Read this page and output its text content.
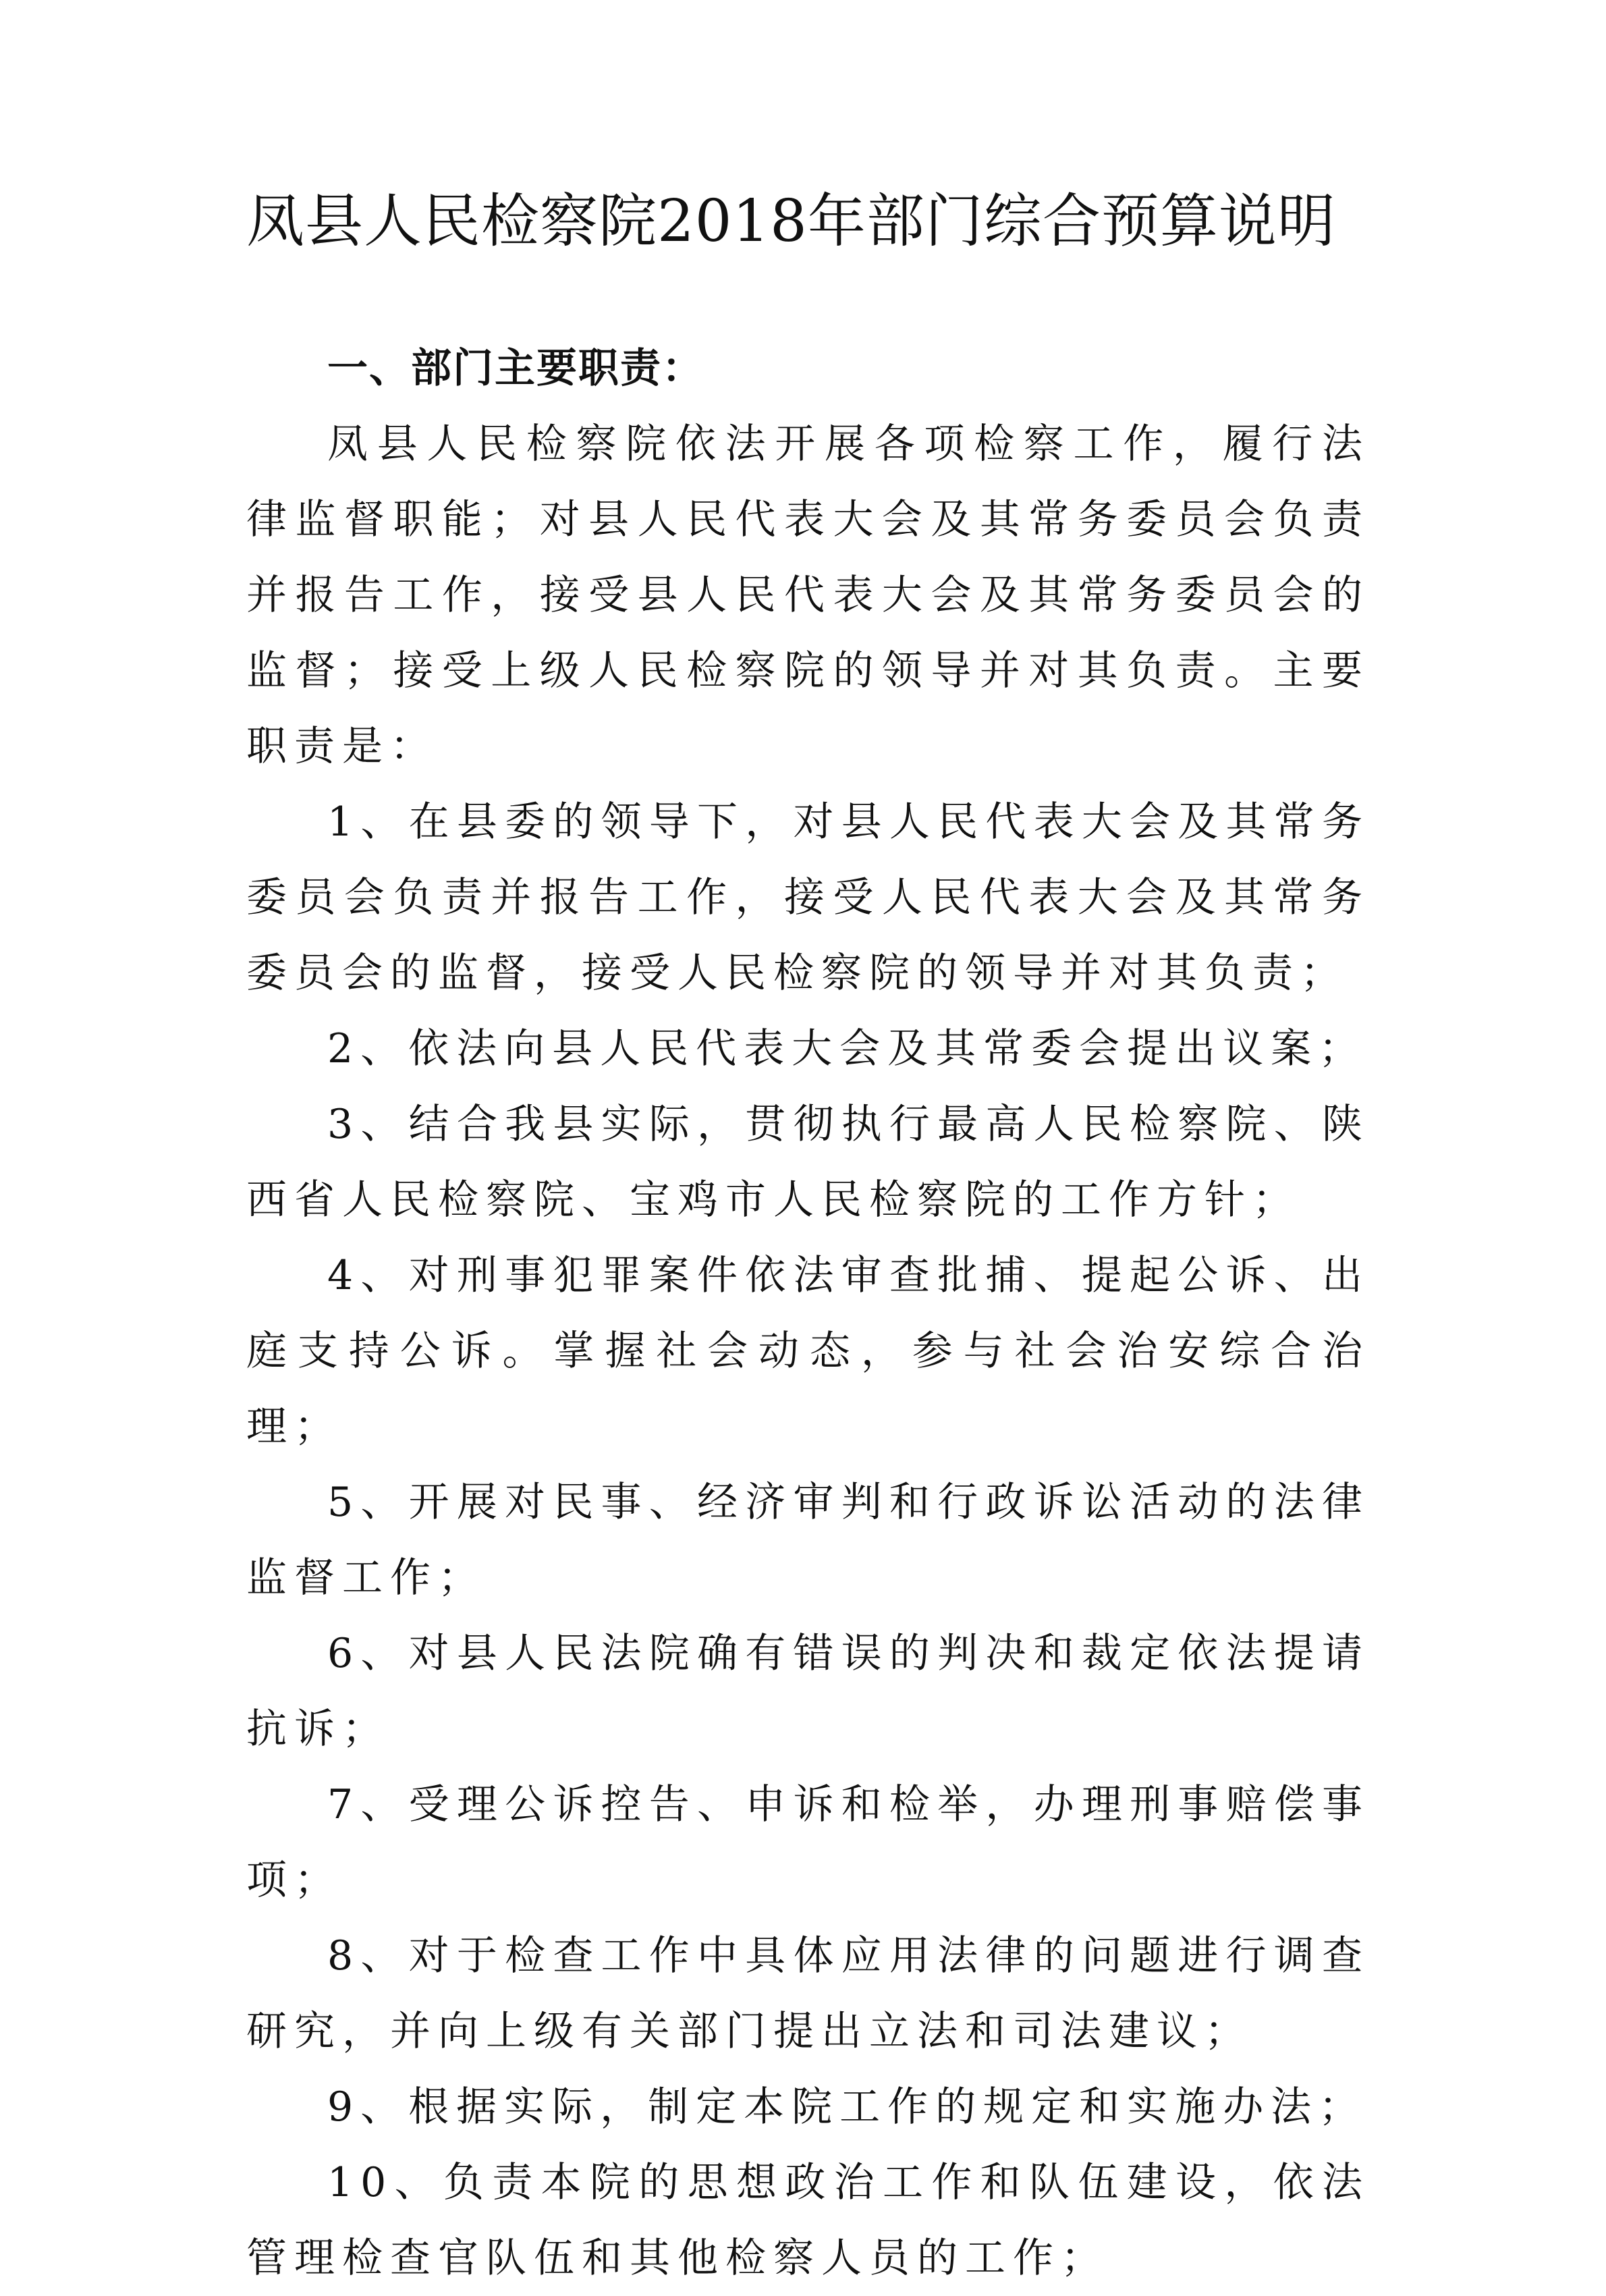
凤县人民检察院2018年部门综合预算说明

一、部门主要职责：

凤县人民检察院依法开展各项检察工作，履行法律监督职能；对县人民代表大会及其常务委员会负责并报告工作，接受县人民代表大会及其常务委员会的监督；接受上级人民检察院的领导并对其负责。主要职责是：

1、在县委的领导下，对县人民代表大会及其常务委员会负责并报告工作，接受人民代表大会及其常务委员会的监督，接受人民检察院的领导并对其负责；

2、依法向县人民代表大会及其常委会提出议案；

3、结合我县实际，贯彻执行最高人民检察院、陕西省人民检察院、宝鸡市人民检察院的工作方针；

4、对刑事犯罪案件依法审查批捕、提起公诉、出庭支持公诉。掌握社会动态，参与社会治安综合治理；

5、开展对民事、经济审判和行政诉讼活动的法律监督工作；

6、对县人民法院确有错误的判决和裁定依法提请抗诉；

7、受理公诉控告、申诉和检举，办理刑事赔偿事项；

8、对于检查工作中具体应用法律的问题进行调查研究，并向上级有关部门提出立法和司法建议；

9、根据实际，制定本院工作的规定和实施办法；

10、负责本院的思想政治工作和队伍建设，依法管理检查官队伍和其他检察人员的工作；
